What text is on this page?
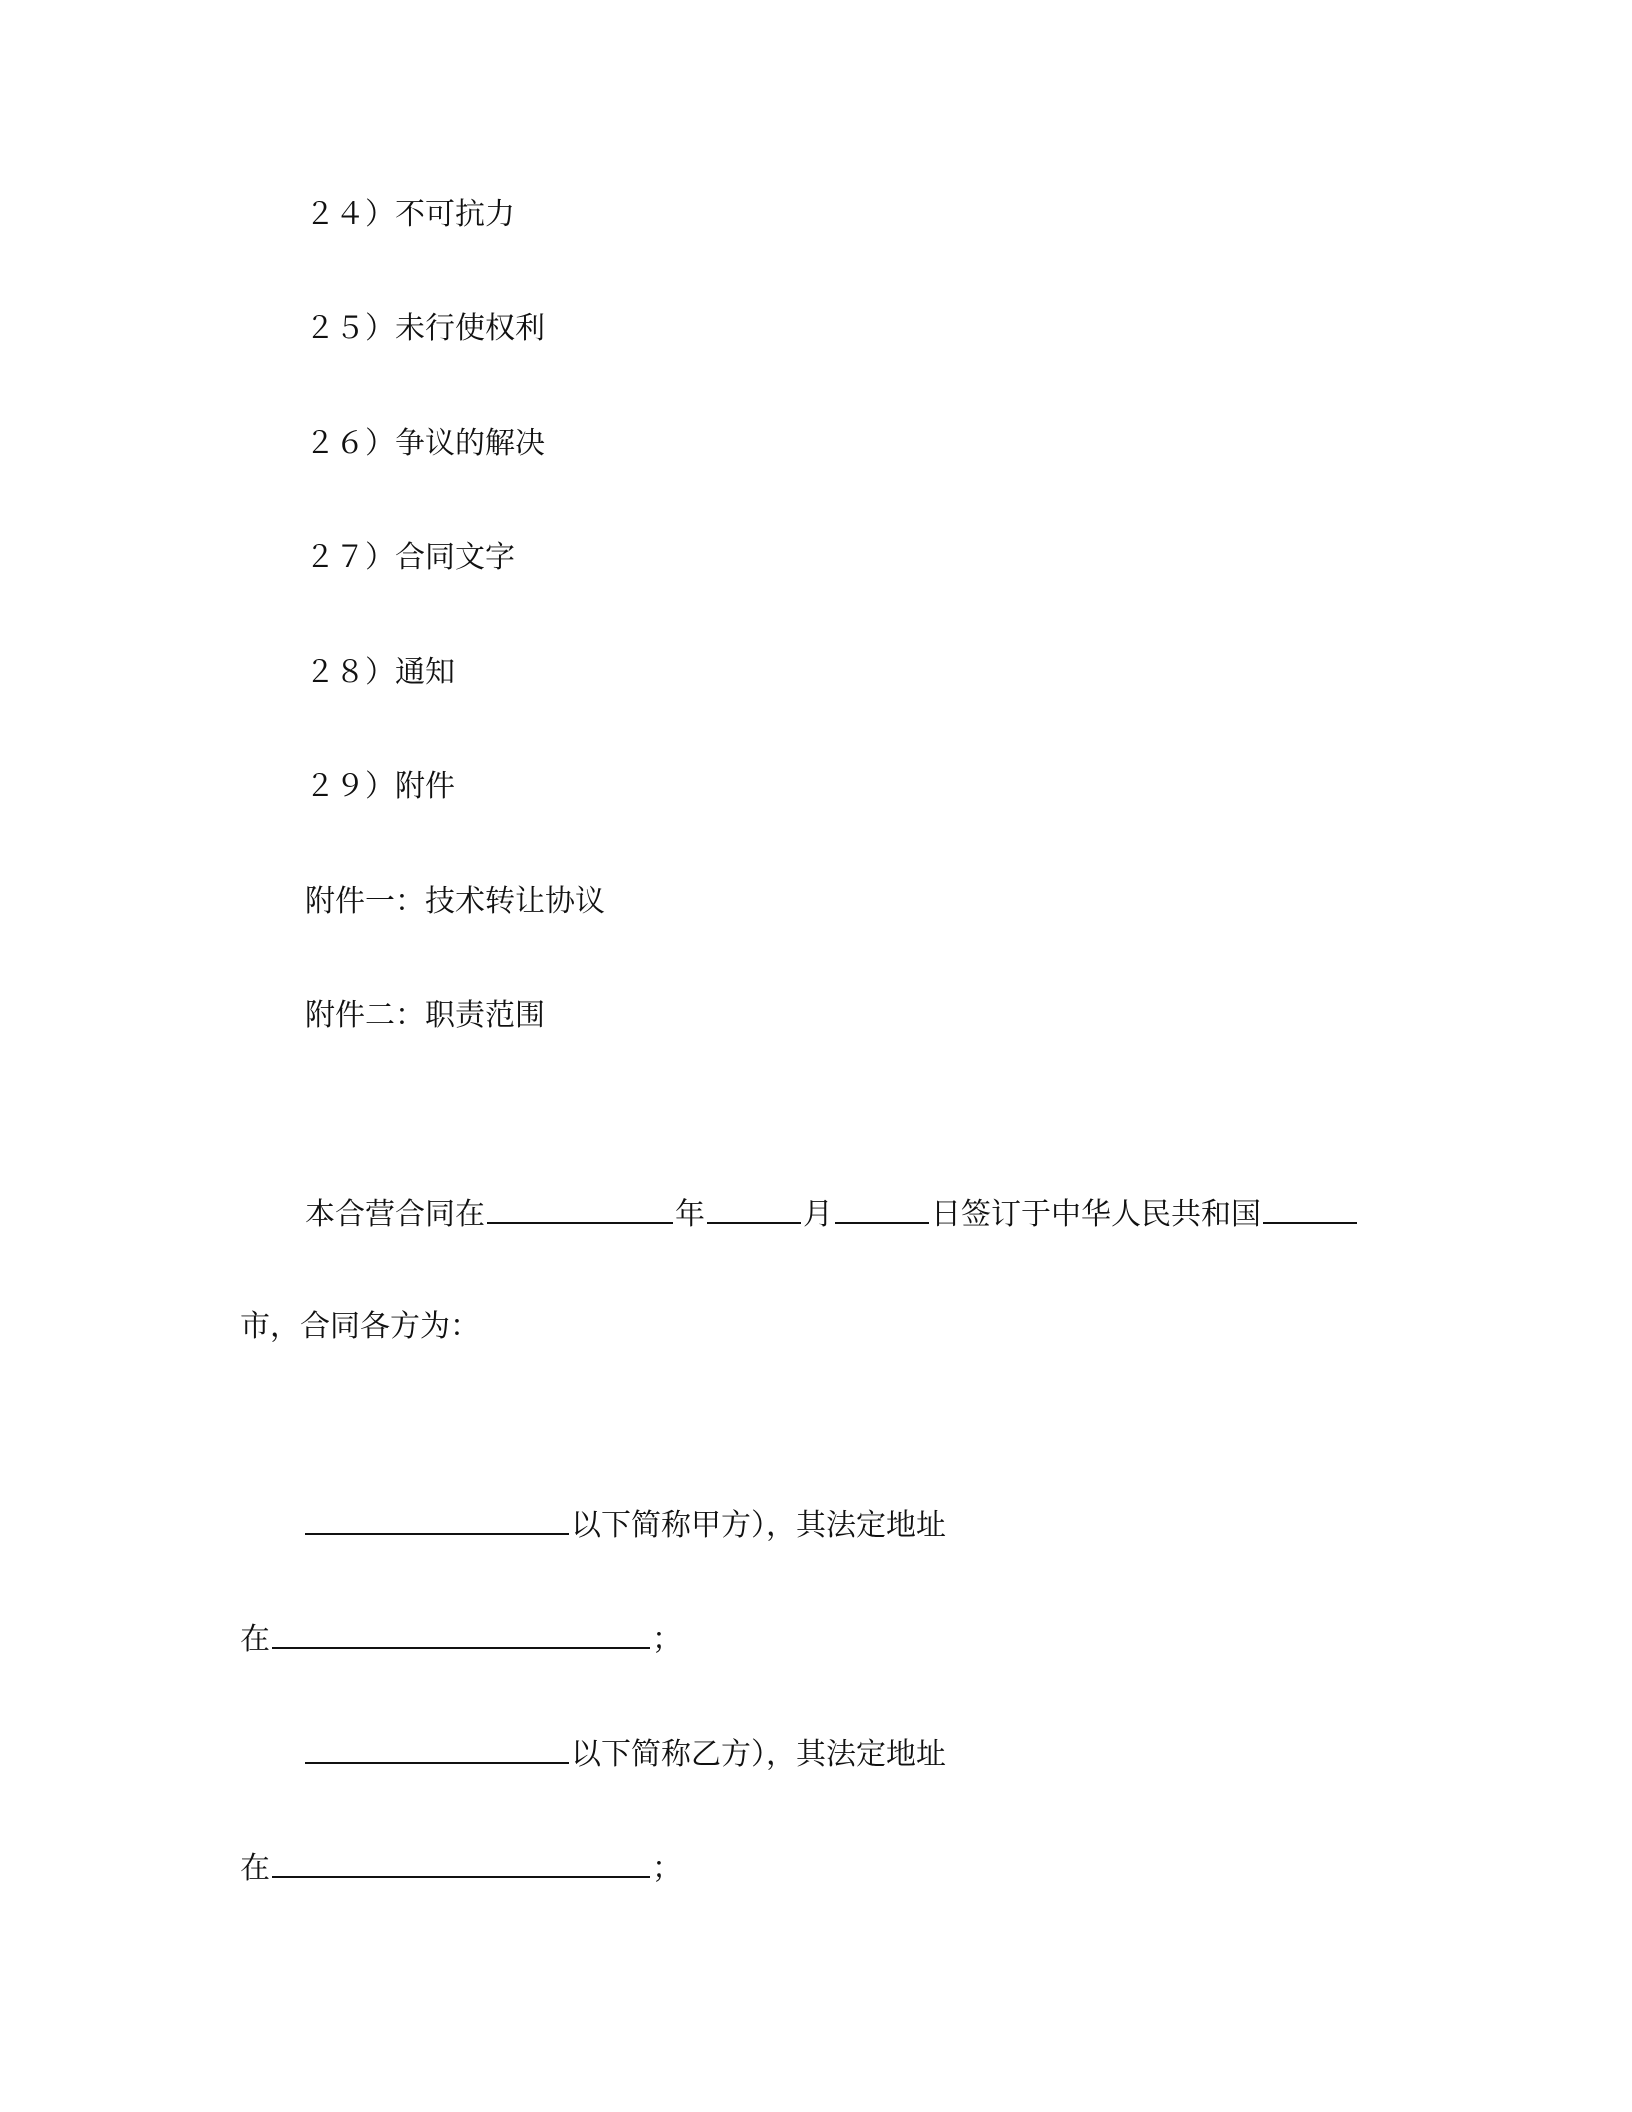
２４）不可抗力
２５）未行使权利
２６）争议的解决
２７）合同文字
２８）通知
２９）附件
附件一：技术转让协议
附件二：职责范围
本合营合同在	年	月	日签订于中华人民共和国
市，合同各方为：
以下简称甲方），其法定地址
在	；
以下简称乙方），其法定地址
在	；
